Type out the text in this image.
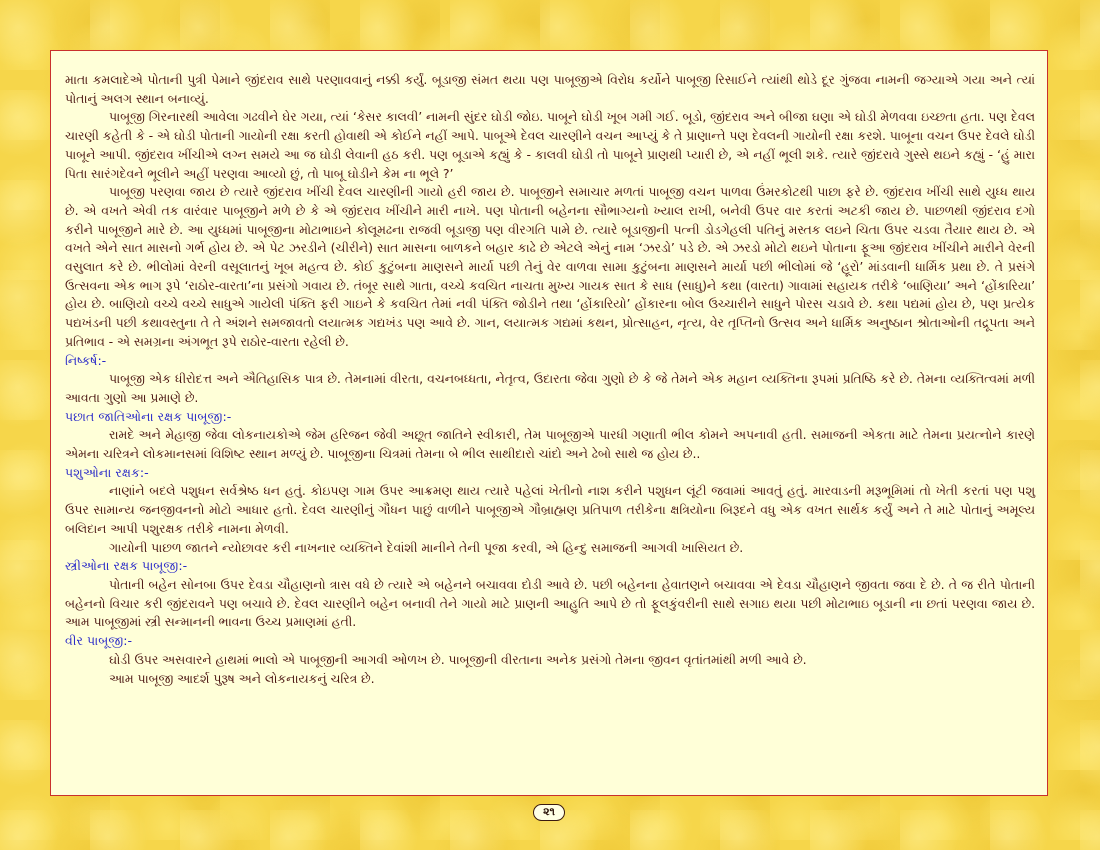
માતા કમલાદેએ પોતાની પુત્રી પેમાને જીંદરાવ સાથે પરણાવવાનું નક્કી કર્યું. બૂડાજી સંમત થયા પણ પાબૂજીએ વિરોધ કર્યોને પાબૂજી રિસાઈને ત્યાંથી થોડે દૂર ગુંજવા નામની જગ્યાએ ગયા અને ત્યાં પોતાનું અલગ સ્થાન બનાવ્યું.

પાબૂજી ગિરનારથી આવેલા ગઢવીને ઘેર ગયા, ત્યાં ‘કેસર કાલવી’ નામની સુંદર ઘોડી જોઇ. પાબૂને ઘોડી ખૂબ ગમી ગઈ. બૂડો, જીંદરાવ અને બીજા ઘણા એ ઘોડી મેળવવા ઇચ્છતા હતા. પણ દેવલ ચારણી કહેતી કે - એ ઘોડી પોતાની ગાયોની રક્ષા કરતી હોવાથી એ કોઈને નહીં આપે. પાબૂએ દેવલ ચારણીને વચન આપ્યું કે તે પ્રાણાન્તે પણ દેવલની ગાયોની રક્ષા કરશે. પાબૂના વચન ઉપર દેવલે ઘોડી પાબૂને આપી. જીંદરાવ ખીંચીએ લગ્ન સમયે આ જ ઘોડી લેવાની હઠ કરી. પણ બૂડાએ કહ્યું કે - કાલવી ઘોડી તો પાબૂને પ્રાણથી પ્યારી છે, એ નહીં ભૂલી શકે. ત્યારે જીંદરાવે ગુસ્સે થઇને કહ્યું - ‘હું મારા પિતા સારંગદેવને ભૂલીને અહીં પરણવા આવ્યો છું, તો પાબૂ ઘોડીને કેમ ના ભૂલે ?’

પાબૂજી પરણવા જાય છે ત્યારે જીંદરાવ ખીંચી દેવલ ચારણીની ગાયો હરી જાય છે. પાબૂજીને સમાચાર મળતાં પાબૂજી વચન પાળવા ઉંમરકોટથી પાછા ફરે છે. જીંદરાવ ખીંચી સાથે યુધ્ધ થાય છે. એ વખતે એવી તક વારંવાર પાબૂજીને મળે છે કે એ જીંદરાવ ખીંચીને મારી નાખે. પણ પોતાની બહેનના સૌભાગ્યનો ખ્યાલ રાખી, બનેવી ઉપર વાર કરતાં અટકી જાય છે. પાછળથી જીંદરાવ દગો કરીને પાબૂજીને મારે છે. આ યુધ્ધમાં પાબૂજીના મોટાભાઇને કોલૂમઢના રાજવી બૂડાજી પણ વીરગતિ પામે છે. ત્યારે બૂડાજીની પત્ની ડોડગેહલી પતિનું મસ્તક લઇને ચિતા ઉપર ચડવા તૈયાર થાય છે. એ વખતે એને સાત માસનો ગર્ભ હોય છે. એ પેટ ઝરડીને (ચીરીને) સાત માસના બાળકને બહાર કાઢે છે એટલે એનું નામ ‘ઝરડો’ પડે છે. એ ઝરડો મોટો થઇને પોતાના ફૂઆ જીંદરાવ ખીંચીને મારીને વેરની વસુલાત કરે છે. ભીલોમાં વેરની વસૂલાતનું ખૂબ મહત્વ છે. કોઈ કુટુંબના માણસને માર્યા પછી તેનું વેર વાળવા સામા કુટુંબના માણસને માર્યા પછી ભીલોમાં જે ‘હૂરો’ માંડવાની ધાર્મિક પ્રથા છે. તે પ્રસંગે ઉત્સવના એક ભાગ રૂપે ‘રાઠોર-વારતા’ના પ્રસંગો ગવાય છે. તંબૂર સાથે ગાતા, વચ્ચે કવચિત નાચતા મુખ્ય ગાયક સાત કે સાધ (સાધુ)ને કથા (વારતા) ગાવામાં સહાયક તરીકે ‘બાણિયા’ અને ‘હોંકારિયા’ હોય છે. બાણિયો વચ્ચે વચ્ચે સાધુએ ગાયેલી પંક્તિ ફરી ગાઇને કે કવચિત તેમાં નવી પંક્તિ જોડીને તથા ‘હોંકારિયો’ હોંકારના બોલ ઉચ્ચારીને સાધુને પોરસ ચડાવે છે. કથા પદ્યમાં હોય છે, પણ પ્રત્યેક પદ્યખંડની પછી કથાવસ્તુના તે તે અંશને સમજાવતો લયાત્મક ગદ્યખંડ પણ આવે છે. ગાન, લયાત્મક ગદ્યમાં કથન, પ્રોત્સાહન, નૃત્ય, વેર તૃપ્તિનો ઉત્સવ અને ધાર્મિક અનુષ્ઠાન શ્રોતાઓની તદ્રૂપતા અને પ્રતિભાવ - એ સમગ્રના અંગભૂત રૂપે રાઠોર-વારતા રહેલી છે.

નિષ્કર્ષ:-

પાબૂજી એક ધીરોદત્ત અને ઐતિહાસિક પાત્ર છે. તેમનામાં વીરતા, વચનબધ્ધતા, નેતૃત્વ, ઉદારતા જેવા ગુણો છે કે જે તેમને એક મહાન વ્યક્તિના રૂપમાં પ્રતિષ્ઠિ કરે છે. તેમના વ્યક્તિત્વમાં મળી આવતા ગુણો આ પ્રમાણે છે.

પછાત જાતિઓના રક્ષક પાબૂજી:-

રામદે અને મેહાજી જેવા લોકનાયકોએ જેમ હરિજન જેવી અછૂત જાતિને સ્વીકારી, તેમ પાબૂજીએ પારધી ગણાતી ભીલ કોમને અપનાવી હતી. સમાજની એકતા માટે તેમના પ્રયત્નોને કારણે એમના ચરિત્રને લોકમાનસમાં વિશિષ્ટ સ્થાન મળ્યું છે. પાબૂજીના ચિત્રમાં તેમના બે ભીલ સાથીદારો ચાંદો અને ઢેબો સાથે જ હોય છે..

પશુઓના રક્ષક:-

નાણાંને બદલે પશુધન સર્વશ્રેષ્ઠ ધન હતું. કોઇપણ ગામ ઉપર આક્રમણ થાય ત્યારે પહેલાં ખેતીનો નાશ કરીને પશુધન લૂંટી જવામાં આવતું હતું. મારવાડની મરૂભૂમિમાં તો ખેતી કરતાં પણ પશુ ઉપર સામાન્ય જનજીવનનો મોટો આધાર હતો. દેવલ ચારણીનું ગૌધન પાછું વાળીને પાબૂજીએ ગૌબ્રાહ્મણ પ્રતિપાળ તરીકેના ક્ષત્રિયોના બિરૂદને વધુ એક વખત સાર્થક કર્યું અને તે માટે પોતાનું અમૂલ્ય બલિદાન આપી પશુરક્ષક તરીકે નામના મેળવી.

ગાયોની પાછળ જાતને ન્યોછાવર કરી નાખનાર વ્યક્તિને દેવાંશી માનીને તેની પૂજા કરવી, એ હિન્દુ સમાજની આગવી ખાસિયત છે.

સ્ત્રીઓના રક્ષક પાબૂજી:-

પોતાની બહેન સોનબા ઉપર દેવડા ચૌહાણનો ત્રાસ વધે છે ત્યારે એ બહેનને બચાવવા દોડી આવે છે. પછી બહેનના હેવાતણને બચાવવા એ દેવડા ચૌહાણને જીવતા જવા દે છે. તે જ રીતે પોતાની બહેનનો વિચાર કરી જીંદરાવને પણ બચાવે છે. દેવલ ચારણીને બહેન બનાવી તેને ગાયો માટે પ્રાણની આહુતિ આપે છે તો ફૂલકુંવરીની સાથે સગાઇ થયા પછી મોટાભાઇ બૂડાની ના છતાં પરણવા જાય છે. આમ પાબૂજીમાં સ્ત્રી સન્માનની ભાવના ઉચ્ચ પ્રમાણમાં હતી.

વીર પાબૂજી:-

ઘોડી ઉપર અસવારને હાથમાં ભાલો એ પાબૂજીની આગવી ઓળખ છે. પાબૂજીની વીરતાના અનેક પ્રસંગો તેમના જીવન વૃતાંતમાંથી મળી આવે છે.

આમ પાબૂજી આદર્શ પુરૂષ અને લોકનાયકનું ચરિત્ર છે.

૨૧
